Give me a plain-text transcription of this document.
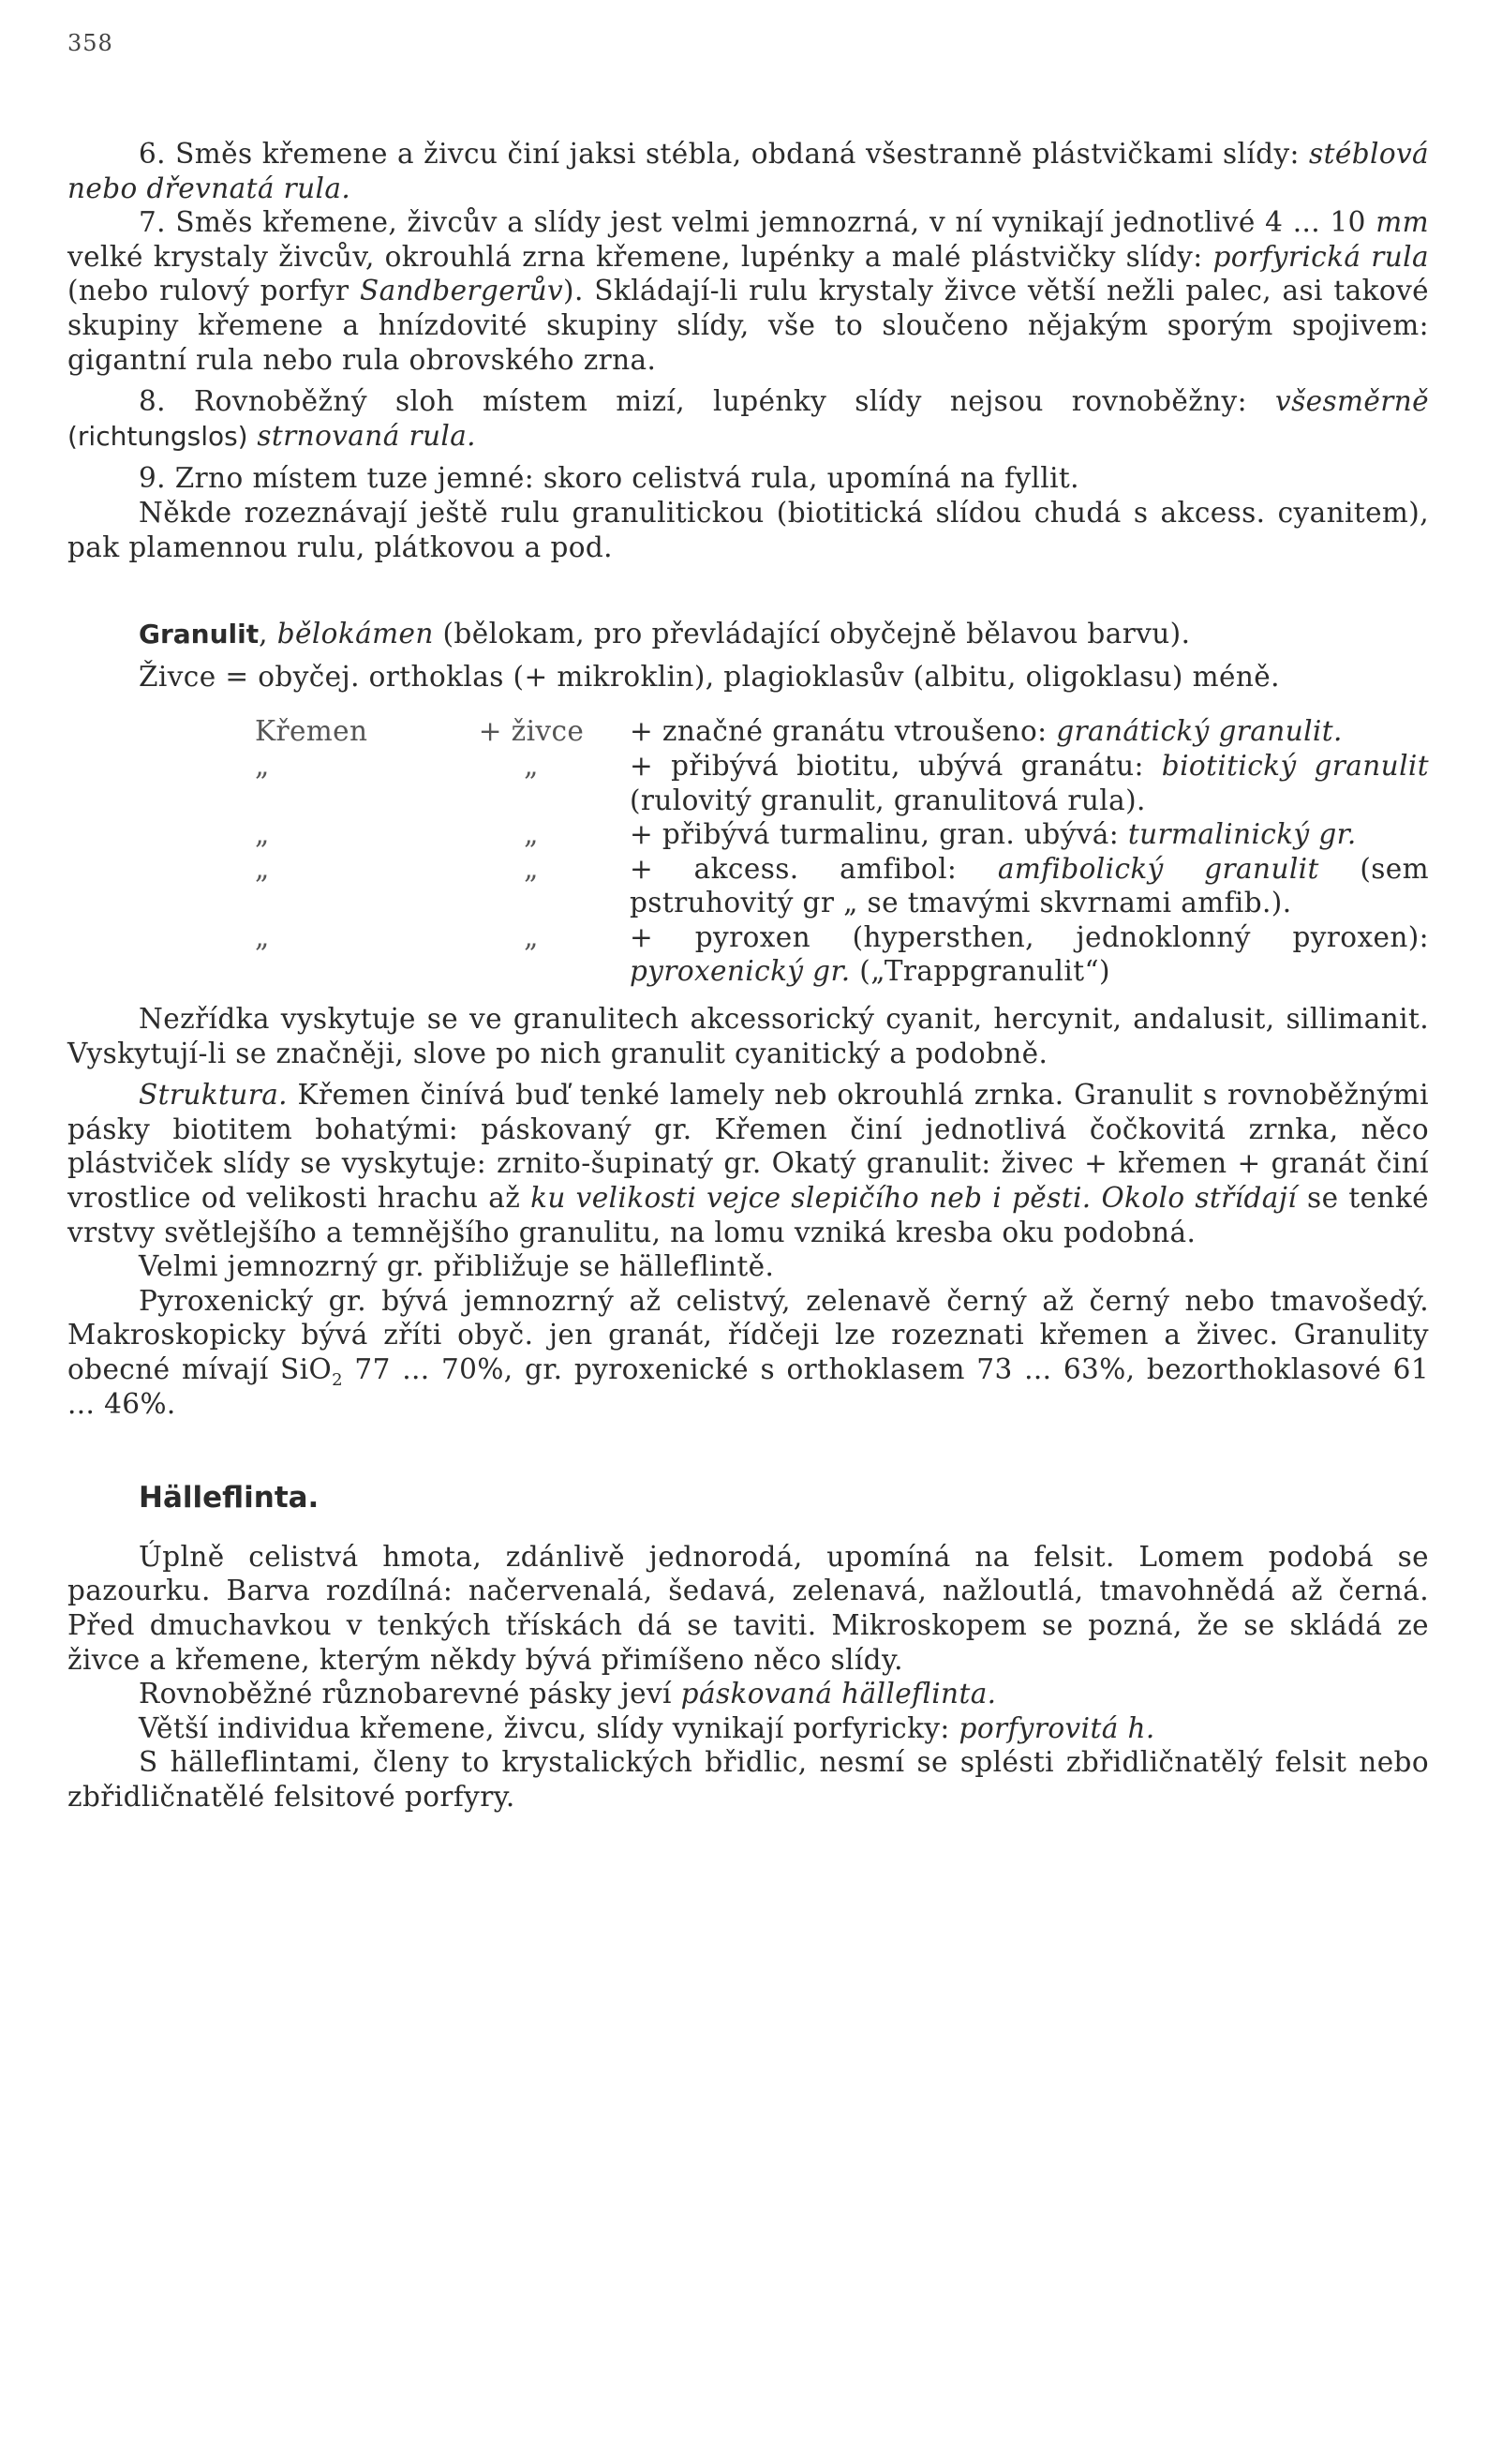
358

6. Směs křemene a živcu činí jaksi stébla, obdaná všestranně plástvičkami slídy: stéblová nebo dřevnatá rula.

7. Směs křemene, živcův a slídy jest velmi jemnozrná, v ní vynikají jednotlivé 4 ... 10 mm velké krystaly živcův, okrouhlá zrna křemene, lupénky a malé plástvičky slídy: porfyrická rula (nebo rulový porfyr Sandbergerův). Skládají-li rulu krystaly živce větší nežli palec, asi takové skupiny křemene a hnízdovité skupiny slídy, vše to sloučeno nějakým sporým spojivem: gigantní rula nebo rula obrovského zrna.

8. Rovnoběžný sloh místem mizí, lupénky slídy nejsou rovnoběžny: všesměrně (richtungslos) strnovaná rula.

9. Zrno místem tuze jemné: skoro celistvá rula, upomíná na fyllit.

Někde rozeznávají ještě rulu granulitickou (biotitická slídou chudá s akcess. cyanitem), pak plamennou rulu, plátkovou a pod.

Granulit, bělokámen (bělokam, pro převládající obyčejně bělavou barvu).

Živce = obyčej. orthoklas (+ mikroklin), plagioklasův (albitu, oligoklasu) méně.

Křemen	+ živce	+ značné granátu vtroušeno: granátický granulit.
„	„	+ přibývá biotitu, ubývá granátu: biotitický granulit (rulovitý granulit, granulitová rula).
„	„	+ přibývá turmalinu, gran. ubývá: turmalinický gr.
„	„	+ akcess. amfibol: amfibolický granulit (sem pstruhovitý gr „ se tmavými skvrnami amfib.).
„	„	+ pyroxen (hypersthen, jednoklonný pyroxen): pyroxenický gr. („Trappgranulit“)

Nezřídka vyskytuje se ve granulitech akcessorický cyanit, hercynit, andalusit, sillimanit. Vyskytují-li se značněji, slove po nich granulit cyanitický a podobně.

Struktura. Křemen činívá buď tenké lamely neb okrouhlá zrnka. Granulit s rovnoběžnými pásky biotitem bohatými: páskovaný gr. Křemen činí jednotlivá čočkovitá zrnka, něco plástviček slídy se vyskytuje: zrnito-šupinatý gr. Okatý granulit: živec + křemen + granát činí vrostlice od velikosti hrachu až ku velikosti vejce slepičího neb i pěsti. Okolo střídají se tenké vrstvy světlejšího a temnějšího granulitu, na lomu vzniká kresba oku podobná.

Velmi jemnozrný gr. přibližuje se hälleflintě.

Pyroxenický gr. bývá jemnozrný až celistvý, zelenavě černý až černý nebo tmavošedý. Makroskopicky bývá zříti obyč. jen granát, řídčeji lze rozeznati křemen a živec. Granulity obecné mívají SiO$_2$ 77 ... 70%, gr. pyroxenické s orthoklasem 73 ... 63%, bezorthoklasové 61 ... 46%.

Hälleflinta.

Úplně celistvá hmota, zdánlivě jednorodá, upomíná na felsit. Lomem podobá se pazourku. Barva rozdílná: načervenalá, šedavá, zelenavá, nažloutlá, tmavohnědá až černá. Před dmuchavkou v tenkých třískách dá se taviti. Mikroskopem se pozná, že se skládá ze živce a křemene, kterým někdy bývá přimíšeno něco slídy.

Rovnoběžné různobarevné pásky jeví páskovaná hälleflinta.

Větší individua křemene, živcu, slídy vynikají porfyricky: porfyrovitá h.

S hälleflintami, členy to krystalických břidlic, nesmí se splésti zbřidličnatělý felsit nebo zbřidličnatělé felsitové porfyry.
